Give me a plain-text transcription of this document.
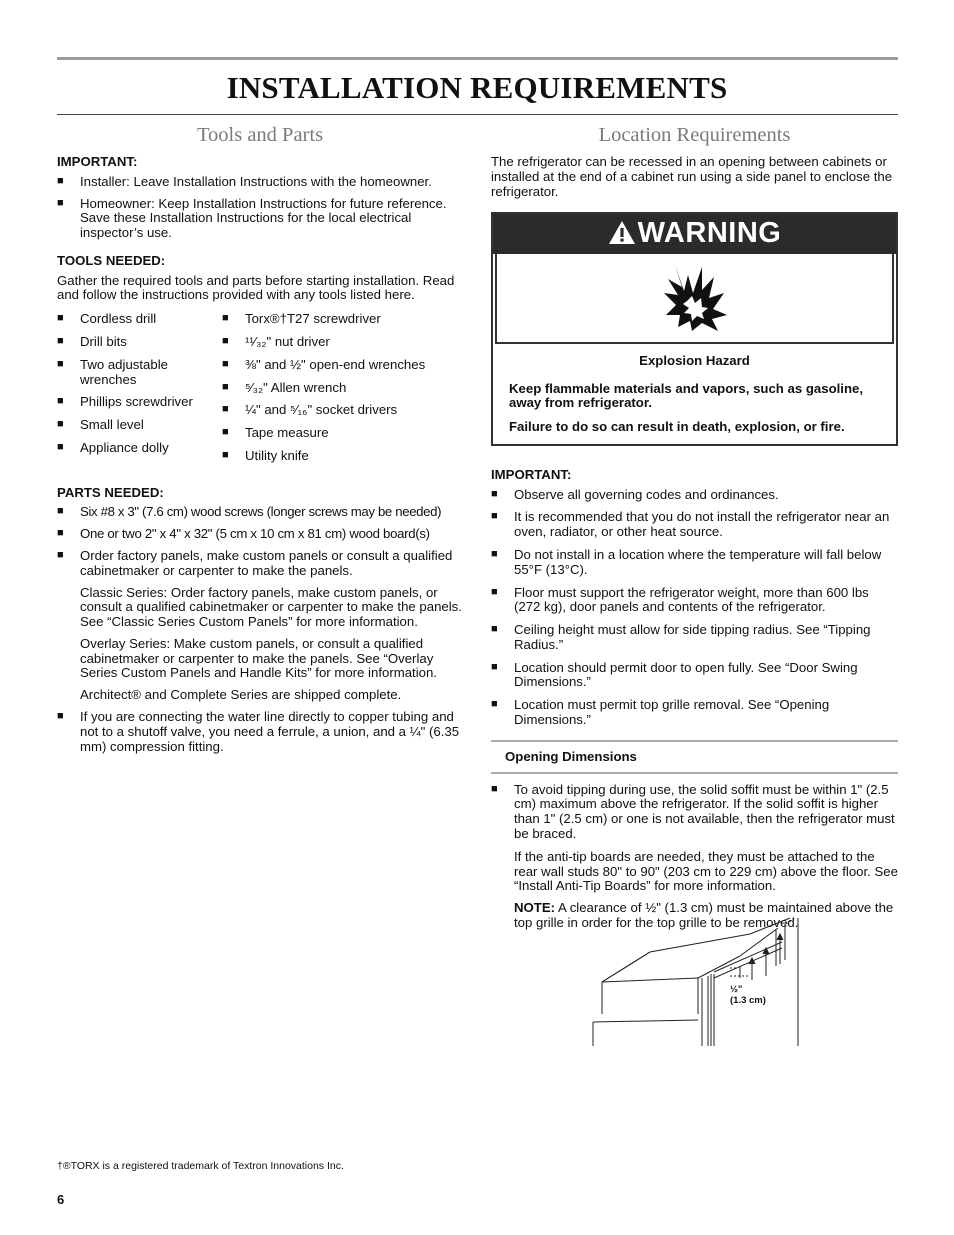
INSTALLATION REQUIREMENTS
Tools and Parts

IMPORTANT:

■ Installer: Leave Installation Instructions with the homeowner.
■ Homeowner: Keep Installation Instructions for future reference. Save these Installation Instructions for the local electrical inspector’s use.

TOOLS NEEDED:

Gather the required tools and parts before starting installation. Read and follow the instructions provided with any tools listed here.

■ Cordless drill
■ Drill bits
■ Two adjustable wrenches
■ Phillips screwdriver
■ Small level
■ Appliance dolly
■ Torx®†T27 screwdriver
■ ¹¹⁄₃₂" nut driver
■ ⅜" and ½" open-end wrenches
■ ⁵⁄₃₂" Allen wrench
■ ¼" and ⁵⁄₁₆" socket drivers
■ Tape measure
■ Utility knife

PARTS NEEDED:

■ Six #8 x 3" (7.6 cm) wood screws (longer screws may be needed)
■ One or two 2" x 4" x 32" (5 cm x 10 cm x 81 cm) wood board(s)
■ Order factory panels, make custom panels or consult a qualified cabinetmaker or carpenter to make the panels.

Classic Series: Order factory panels, make custom panels, or consult a qualified cabinetmaker or carpenter to make the panels. See “Classic Series Custom Panels” for more information.

Overlay Series: Make custom panels, or consult a qualified cabinetmaker or carpenter to make the panels. See “Overlay Series Custom Panels and Handle Kits” for more information.

Architect® and Complete Series are shipped complete.

■ If you are connecting the water line directly to copper tubing and not to a shutoff valve, you need a ferrule, a union, and a ¼" (6.35 mm) compression fitting.
Location Requirements

The refrigerator can be recessed in an opening between cabinets or installed at the end of a cabinet run using a side panel to enclose the refrigerator.

WARNING

Explosion Hazard

Keep flammable materials and vapors, such as gasoline, away from refrigerator.

Failure to do so can result in death, explosion, or fire.

IMPORTANT:

■ Observe all governing codes and ordinances.
■ It is recommended that you do not install the refrigerator near an oven, radiator, or other heat source.
■ Do not install in a location where the temperature will fall below 55°F (13°C).
■ Floor must support the refrigerator weight, more than 600 lbs (272 kg), door panels and contents of the refrigerator.
■ Ceiling height must allow for side tipping radius. See “Tipping Radius.”
■ Location should permit door to open fully. See “Door Swing Dimensions.”
■ Location must permit top grille removal. See “Opening Dimensions.”
Opening Dimensions
■ To avoid tipping during use, the solid soffit must be within 1" (2.5 cm) maximum above the refrigerator. If the solid soffit is higher than 1" (2.5 cm) or one is not available, then the refrigerator must be braced.

If the anti-tip boards are needed, they must be attached to the rear wall studs 80" to 90" (203 cm to 229 cm) above the floor. See “Install Anti-Tip Boards” for more information.

NOTE: A clearance of ½" (1.3 cm) must be maintained above the top grille in order for the top grille to be removed.

½"
(1.3 cm)
†®TORX is a registered trademark of Textron Innovations Inc.
6
